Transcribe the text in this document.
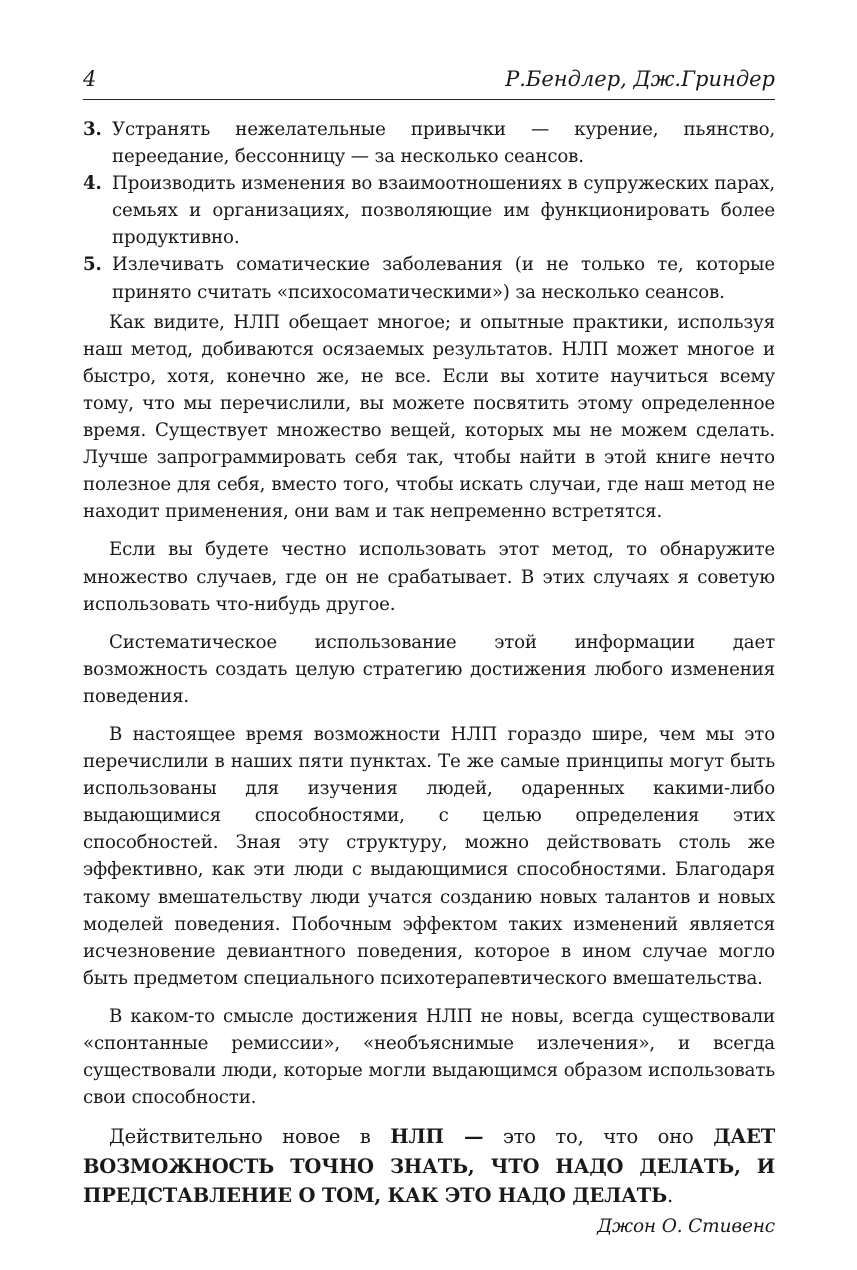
4	Р.Бендлер, Дж.Гриндер
3. Устранять нежелательные привычки — курение, пьянство, переедание, бессонницу — за несколько сеансов.
4. Производить изменения во взаимоотношениях в супружеских парах, семьях и организациях, позволяющие им функционировать более продуктивно.
5. Излечивать соматические заболевания (и не только те, которые принято считать «психосоматическими») за несколько сеансов.

Как видите, НЛП обещает многое; и опытные практики, используя наш метод, добиваются осязаемых результатов. НЛП может многое и быстро, хотя, конечно же, не все. Если вы хотите научиться всему тому, что мы перечислили, вы можете посвятить этому определенное время. Существует множество вещей, которых мы не можем сделать. Лучше запрограммировать себя так, чтобы найти в этой книге нечто полезное для себя, вместо того, чтобы искать случаи, где наш метод не находит применения, они вам и так непременно встретятся.

Если вы будете честно использовать этот метод, то обнаружите множество случаев, где он не срабатывает. В этих случаях я советую использовать что-нибудь другое.

Систематическое использование этой информации дает возможность создать целую стратегию достижения любого изменения поведения.

В настоящее время возможности НЛП гораздо шире, чем мы это перечислили в наших пяти пунктах. Те же самые принципы могут быть использованы для изучения людей, одаренных какими-либо выдающимися способностями, с целью определения этих способностей. Зная эту структуру, можно действовать столь же эффективно, как эти люди с выдающимися способностями. Благодаря такому вмешательству люди учатся созданию новых талантов и новых моделей поведения. Побочным эффектом таких изменений является исчезновение девиантного поведения, которое в ином случае могло быть предметом специального психотерапевтического вмешательства.

В каком-то смысле достижения НЛП не новы, всегда существовали «спонтанные ремиссии», «необъяснимые излечения», и всегда существовали люди, которые могли выдающимся образом использовать свои способности.

Действительно новое в НЛП — это то, что оно ДАЕТ ВОЗМОЖНОСТЬ ТОЧНО ЗНАТЬ, ЧТО НАДО ДЕЛАТЬ, И ПРЕДСТАВЛЕНИЕ О ТОМ, КАК ЭТО НАДО ДЕЛАТЬ.

Джон О. Стивенс
